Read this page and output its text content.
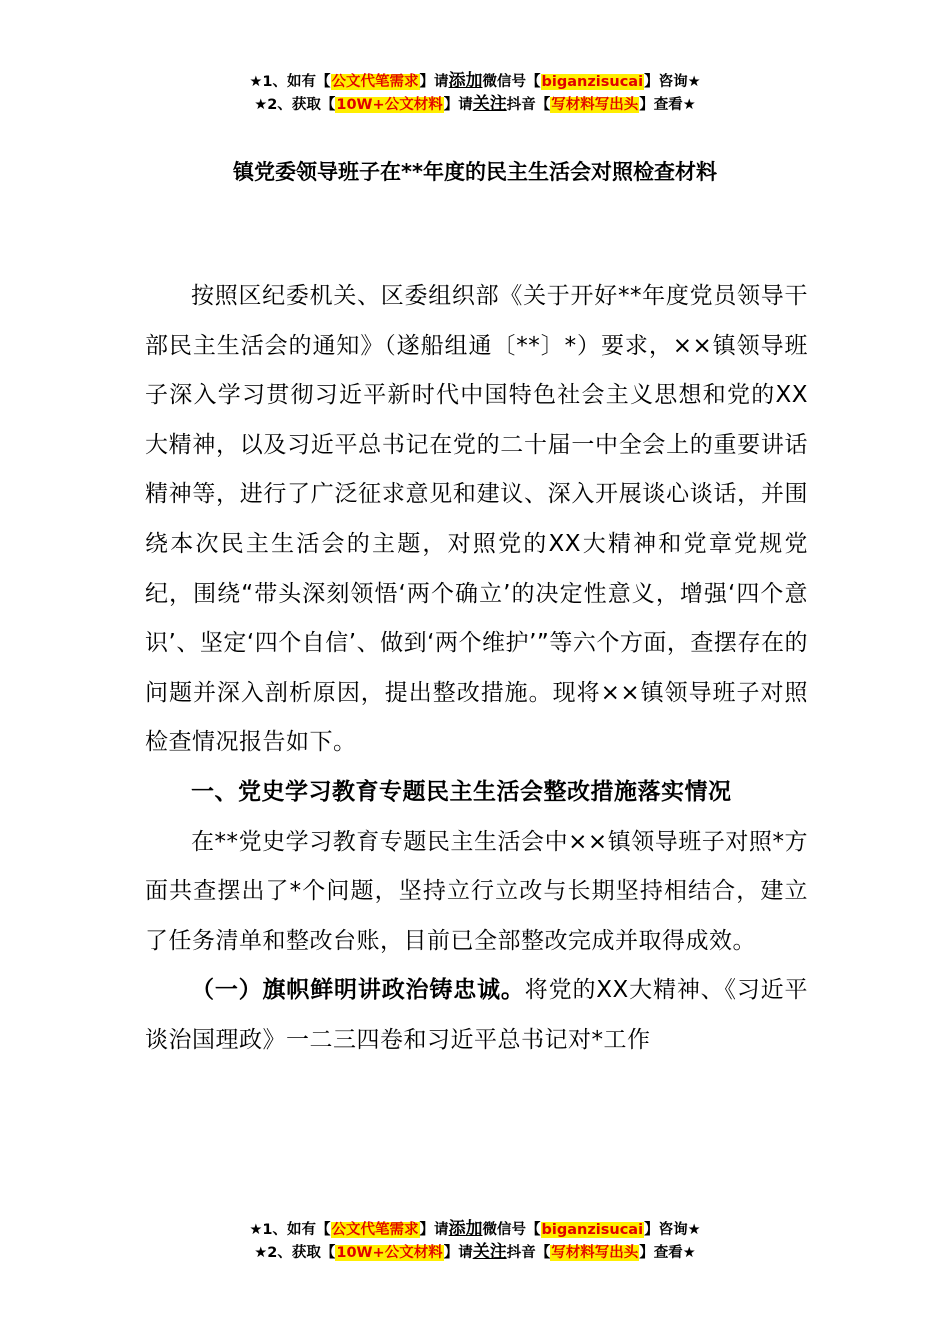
★1、如有【公文代笔需求】请添加微信号【biganzisucai】咨询★
★2、获取【10W+公文材料】请关注抖音【写材料写出头】查看★
镇党委领导班子在**年度的民主生活会对照检查材料

按照区纪委机关、区委组织部《关于开好**年度党员领导干部民主生活会的通知》（遂船组通〔**〕*）要求，××镇领导班子深入学习贯彻习近平新时代中国特色社会主义思想和党的XX大精神，以及习近平总书记在党的二十届一中全会上的重要讲话精神等，进行了广泛征求意见和建议、深入开展谈心谈话，并围绕本次民主生活会的主题，对照党的XX大精神和党章党规党纪，围绕“带头深刻领悟‘两个确立’的决定性意义，增强‘四个意识’、坚定‘四个自信’、做到‘两个维护’”等六个方面，查摆存在的问题并深入剖析原因，提出整改措施。现将××镇领导班子对照检查情况报告如下。

一、党史学习教育专题民主生活会整改措施落实情况

在**党史学习教育专题民主生活会中××镇领导班子对照*方面共查摆出了*个问题，坚持立行立改与长期坚持相结合，建立了任务清单和整改台账，目前已全部整改完成并取得成效。

（一）旗帜鲜明讲政治铸忠诚。将党的XX大精神、《习近平谈治国理政》一二三四卷和习近平总书记对*工作

★1、如有【公文代笔需求】请添加微信号【biganzisucai】咨询★
★2、获取【10W+公文材料】请关注抖音【写材料写出头】查看★
